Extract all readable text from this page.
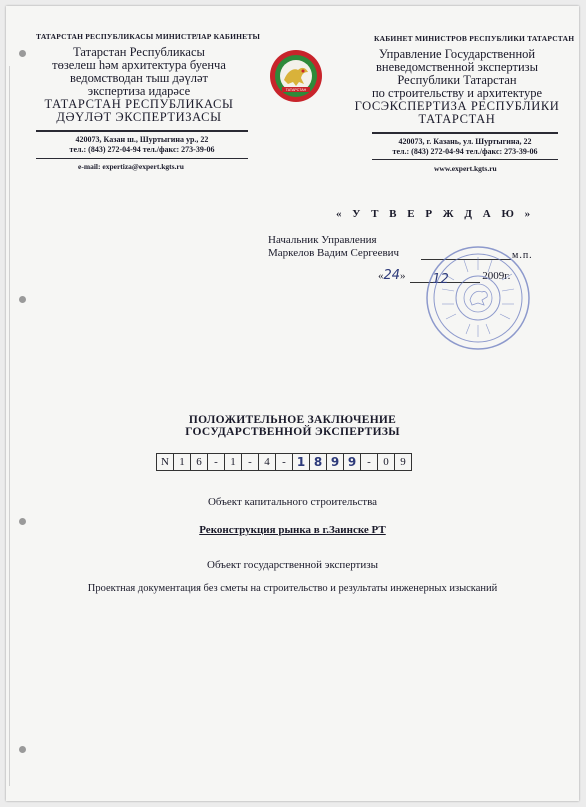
ТАТАРСТАН РЕСПУБЛИКАСЫ МИНИСТРЛАР КАБИНЕТЫ
Татарстан Республикасы
төзелеш һәм архитектура буенча
ведомстводан тыш дәүләт
экспертиза идарәсе
ТАТАРСТАН РЕСПУБЛИКАСЫ
ДӘҮЛӘТ ЭКСПЕРТИЗАСЫ
420073, Казан ш., Шуртыгина ур., 22
тел.: (843) 272-04-94 тел./факс: 273-39-06
e-mail: expertiza@expert.kgts.ru
ТАТАРСТАН
КАБИНЕТ МИНИСТРОВ РЕСПУБЛИКИ ТАТАРСТАН
Управление Государственной
вневедомственной экспертизы
Республики Татарстан
по строительству и архитектуре
ГОСЭКСПЕРТИЗА РЕСПУБЛИКИ
ТАТАРСТАН
420073, г. Казань, ул. Шуртыгина, 22
тел.: (843) 272-04-94 тел./факс: 273-39-06
www.expert.kgts.ru
« У Т В Е Р Ж Д А Ю »
Начальник Управления
Маркелов Вадим Сергеевич	м.п.
«24» 12	2009г.
ПОЛОЖИТЕЛЬНОЕ ЗАКЛЮЧЕНИЕ
ГОСУДАРСТВЕННОЙ ЭКСПЕРТИЗЫ
N 1	6	-	1	-	4	- 1 8 9 9 -	0	9
Объект капитального строительства
Реконструкция рынка в г.Заинске РТ
Объект государственной экспертизы
Проектная документация без сметы на строительство и результаты инженерных изысканий
